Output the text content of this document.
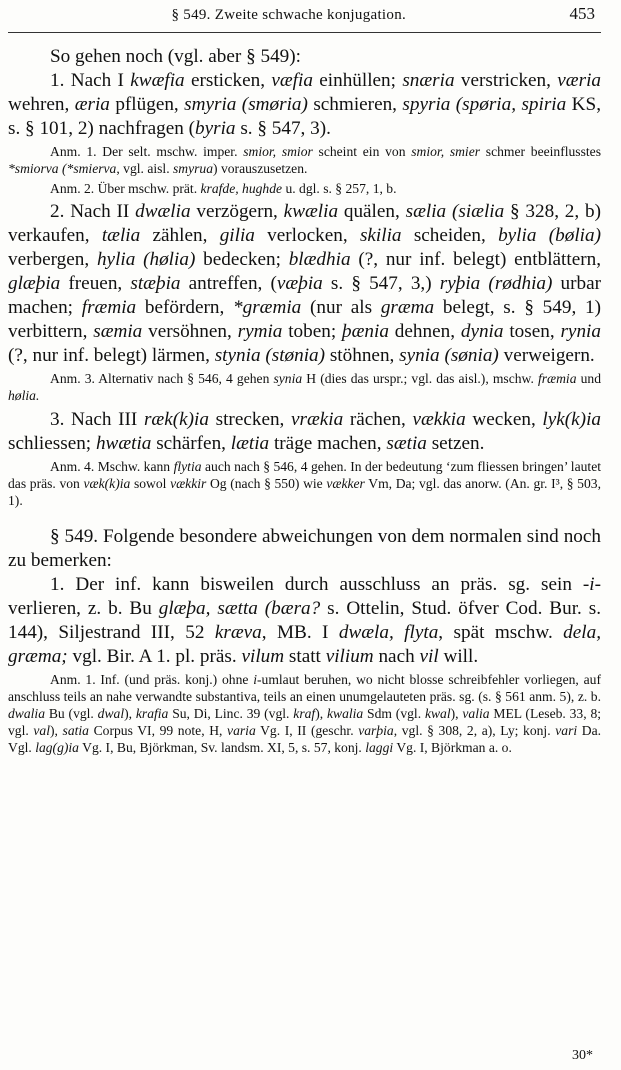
§ 549. Zweite schwache konjugation.	453

So gehen noch (vgl. aber § 549):

1. Nach I kwæfia ersticken, væfia einhüllen; snæria verstricken, væria wehren, æria pflügen, smyria (smøria) schmieren, spyria (spøria, spiria KS, s. § 101, 2) nachfragen (byria s. § 547, 3).

Anm. 1. Der selt. mschw. imper. smior, smior scheint ein von smior, smier schmer beeinflusstes *smiorva (*smierva, vgl. aisl. smyrua) vorauszusetzen.

Anm. 2. Über mschw. prät. krafde, hughde u. dgl. s. § 257, 1, b.

2. Nach II dwælia verzögern, kwælia quälen, sælia (siælia § 328, 2, b) verkaufen, tælia zählen, gilia verlocken, skilia scheiden, bylia (bølia) verbergen, hylia (hølia) bedecken; blædhia (?, nur inf. belegt) entblättern, glæþia freuen, stæþia antreffen, (væþia s. § 547, 3,) ryþia (rødhia) urbar machen; fræmia befördern, *græmia (nur als græma belegt, s. § 549, 1) verbittern, sæmia versöhnen, rymia toben; þænia dehnen, dynia tosen, rynia (?, nur inf. belegt) lärmen, stynia (stønia) stöhnen, synia (sønia) verweigern.

Anm. 3. Alternativ nach § 546, 4 gehen synia H (dies das urspr.; vgl. das aisl.), mschw. fræmia und hølia.

3. Nach III ræk(k)ia strecken, vrækia rächen, vækkia wecken, lyk(k)ia schliessen; hwætia schärfen, lætia träge machen, sætia setzen.

Anm. 4. Mschw. kann flytia auch nach § 546, 4 gehen. In der bedeutung ‘zum fliessen bringen’ lautet das präs. von væk(k)ia sowol vækkir Og (nach § 550) wie vækker Vm, Da; vgl. das anorw. (An. gr. I³, § 503, 1).

§ 549. Folgende besondere abweichungen von dem normalen sind noch zu bemerken:

1. Der inf. kann bisweilen durch ausschluss an präs. sg. sein -i- verlieren, z. b. Bu glæþa, sætta (bæra? s. Ottelin, Stud. öfver Cod. Bur. s. 144), Siljestrand III, 52 kræva, MB. I dwæla, flyta, spät mschw. dela, græma; vgl. Bir. A 1. pl. präs. vilum statt vilium nach vil will.

Anm. 1. Inf. (und präs. konj.) ohne i-umlaut beruhen, wo nicht blosse schreibfehler vorliegen, auf anschluss teils an nahe verwandte substantiva, teils an einen unumgelauteten präs. sg. (s. § 561 anm. 5), z. b. dwalia Bu (vgl. dwal), krafia Su, Di, Linc. 39 (vgl. kraf), kwalia Sdm (vgl. kwal), valia MEL (Leseb. 33, 8; vgl. val), satia Corpus VI, 99 note, H, varia Vg. I, II (geschr. varþia, vgl. § 308, 2, a), Ly; konj. vari Da. Vgl. lag(g)ia Vg. I, Bu, Björkman, Sv. landsm. XI, 5, s. 57, konj. laggi Vg. I, Björkman a. o.

30*
